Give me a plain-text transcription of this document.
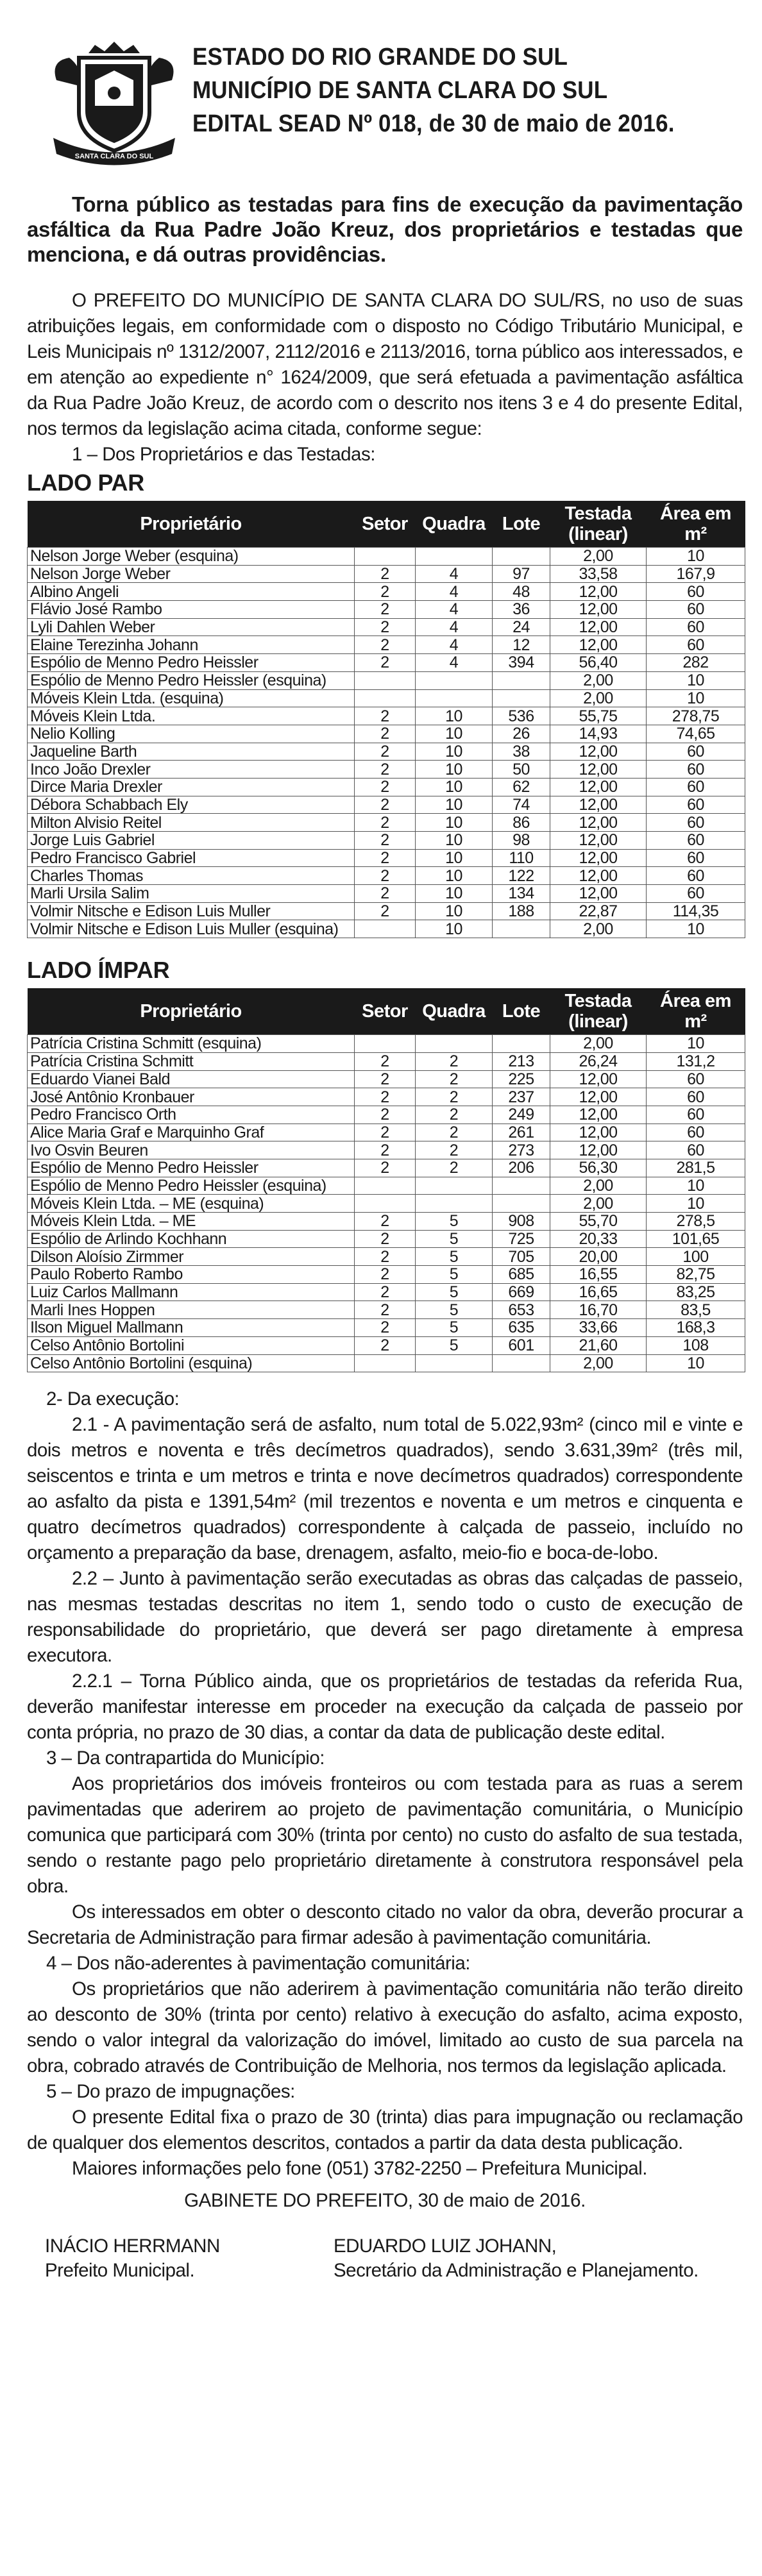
SANTA CLARA DO SUL
ESTADO DO RIO GRANDE DO SUL
MUNICÍPIO DE SANTA CLARA DO SUL
EDITAL SEAD Nº 018, de 30 de maio de 2016.

Torna público as testadas para fins de execução da pavimentação asfáltica da Rua Padre João Kreuz, dos proprietários e testadas que menciona, e dá outras providências.

O PREFEITO DO MUNICÍPIO DE SANTA CLARA DO SUL/RS, no uso de suas atribuições legais, em conformidade com o disposto no Código Tributário Municipal, e Leis Municipais nº 1312/2007, 2112/2016 e 2113/2016, torna público aos interessados, e em atenção ao expediente n° 1624/2009, que será efetuada a pavimentação asfáltica da Rua Padre João Kreuz, de acordo com o descrito nos itens 3 e 4 do presente Edital, nos termos da legislação acima citada, conforme segue:

1 – Dos Proprietários e das Testadas:

LADO PAR
Proprietário	Setor	Quadra	Lote	Testada (linear)	Área em m²
Nelson Jorge Weber (esquina)				2,00	10
Nelson Jorge Weber	2	4	97	33,58	167,9
Albino Angeli	2	4	48	12,00	60
Flávio José Rambo	2	4	36	12,00	60
Lyli Dahlen Weber	2	4	24	12,00	60
Elaine Terezinha Johann	2	4	12	12,00	60
Espólio de Menno Pedro Heissler	2	4	394	56,40	282
Espólio de Menno Pedro Heissler (esquina)				2,00	10
Móveis Klein Ltda. (esquina)				2,00	10
Móveis Klein Ltda.	2	10	536	55,75	278,75
Nelio Kolling	2	10	26	14,93	74,65
Jaqueline Barth	2	10	38	12,00	60
Inco João Drexler	2	10	50	12,00	60
Dirce Maria Drexler	2	10	62	12,00	60
Débora Schabbach Ely	2	10	74	12,00	60
Milton Alvisio Reitel	2	10	86	12,00	60
Jorge Luis Gabriel	2	10	98	12,00	60
Pedro Francisco Gabriel	2	10	110	12,00	60
Charles Thomas	2	10	122	12,00	60
Marli Ursila Salim	2	10	134	12,00	60
Volmir Nitsche e Edison Luis Muller	2	10	188	22,87	114,35
Volmir Nitsche e Edison Luis Muller (esquina)		10		2,00	10
LADO ÍMPAR
Proprietário	Setor	Quadra	Lote	Testada (linear)	Área em m²
Patrícia Cristina Schmitt (esquina)				2,00	10
Patrícia Cristina Schmitt	2	2	213	26,24	131,2
Eduardo Vianei Bald	2	2	225	12,00	60
José Antônio Kronbauer	2	2	237	12,00	60
Pedro Francisco Orth	2	2	249	12,00	60
Alice Maria Graf e Marquinho Graf	2	2	261	12,00	60
Ivo Osvin Beuren	2	2	273	12,00	60
Espólio de Menno Pedro Heissler	2	2	206	56,30	281,5
Espólio de Menno Pedro Heissler (esquina)				2,00	10
Móveis Klein Ltda. – ME (esquina)				2,00	10
Móveis Klein Ltda. – ME	2	5	908	55,70	278,5
Espólio de Arlindo Kochhann	2	5	725	20,33	101,65
Dilson Aloísio Zirmmer	2	5	705	20,00	100
Paulo Roberto Rambo	2	5	685	16,55	82,75
Luiz Carlos Mallmann	2	5	669	16,65	83,25
Marli Ines Hoppen	2	5	653	16,70	83,5
Ilson Miguel Mallmann	2	5	635	33,66	168,3
Celso Antônio Bortolini	2	5	601	21,60	108
Celso Antônio Bortolini (esquina)				2,00	10

2- Da execução:

2.1 - A pavimentação será de asfalto, num total de 5.022,93m² (cinco mil e vinte e dois metros e noventa e três decímetros quadrados), sendo 3.631,39m² (três mil, seiscentos e trinta e um metros e trinta e nove decímetros quadrados) correspondente ao asfalto da pista e 1391,54m² (mil trezentos e noventa e um metros e cinquenta e quatro decímetros quadrados) correspondente à calçada de passeio, incluído no orçamento a preparação da base, drenagem, asfalto, meio-fio e boca-de-lobo.

2.2 – Junto à pavimentação serão executadas as obras das calçadas de passeio, nas mesmas testadas descritas no item 1, sendo todo o custo de execução de responsabilidade do proprietário, que deverá ser pago diretamente à empresa executora.

2.2.1 – Torna Público ainda, que os proprietários de testadas da referida Rua, deverão manifestar interesse em proceder na execução da calçada de passeio por conta própria, no prazo de 30 dias, a contar da data de publicação deste edital.

3 – Da contrapartida do Município:

Aos proprietários dos imóveis fronteiros ou com testada para as ruas a serem pavimentadas que aderirem ao projeto de pavimentação comunitária, o Município comunica que participará com 30% (trinta por cento) no custo do asfalto de sua testada, sendo o restante pago pelo proprietário diretamente à construtora responsável pela obra.

Os interessados em obter o desconto citado no valor da obra, deverão procurar a Secretaria de Administração para firmar adesão à pavimentação comunitária.

4 – Dos não-aderentes à pavimentação comunitária:

Os proprietários que não aderirem à pavimentação comunitária não terão direito ao desconto de 30% (trinta por cento) relativo à execução do asfalto, acima exposto, sendo o valor integral da valorização do imóvel, limitado ao custo de sua parcela na obra, cobrado através de Contribuição de Melhoria, nos termos da legislação aplicada.

5 – Do prazo de impugnações:

O presente Edital fixa o prazo de 30 (trinta) dias para impugnação ou reclamação de qualquer dos elementos descritos, contados a partir da data desta publicação.

Maiores informações pelo fone (051) 3782-2250 – Prefeitura Municipal.

GABINETE DO PREFEITO, 30 de maio de 2016.
INÁCIO HERRMANN
Prefeito Municipal.
EDUARDO LUIZ JOHANN,
Secretário da Administração e Planejamento.
